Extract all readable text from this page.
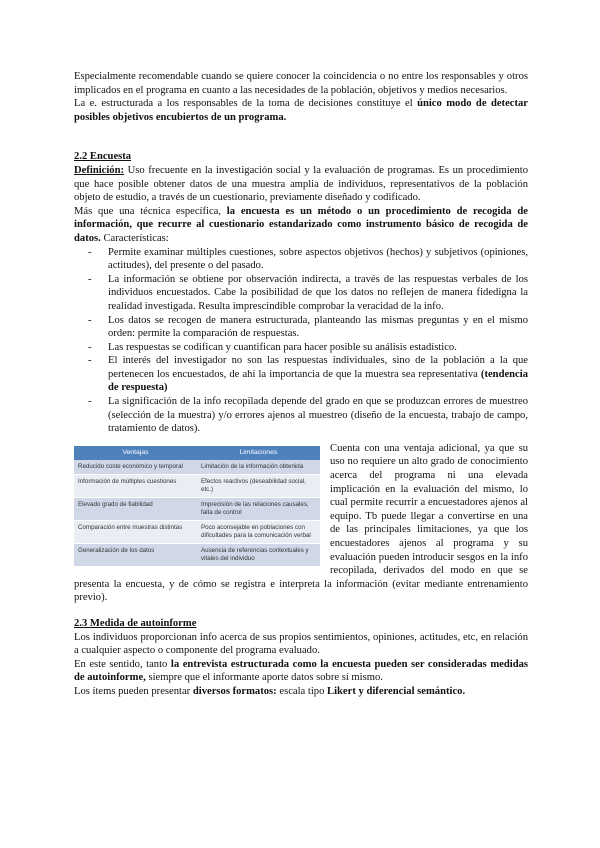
Especialmente recomendable cuando se quiere conocer la coincidencia o no entre los responsables y otros implicados en el programa en cuanto a las necesidades de la población, objetivos y medios necesarios.

La e. estructurada a los responsables de la toma de decisiones constituye el único modo de detectar posibles objetivos encubiertos de un programa.

2.2 Encuesta

Definición: Uso frecuente en la investigación social y la evaluación de programas. Es un procedimiento que hace posible obtener datos de una muestra amplia de individuos, representativos de la población objeto de estudio, a través de un cuestionario, previamente diseñado y codificado.

Más que una técnica específica, la encuesta es un método o un procedimiento de recogida de información, que recurre al cuestionario estandarizado como instrumento básico de recogida de datos. Características:

- Permite examinar múltiples cuestiones, sobre aspectos objetivos (hechos) y subjetivos (opiniones, actitudes), del presente o del pasado.
- La información se obtiene por observación indirecta, a través de las respuestas verbales de los individuos encuestados. Cabe la posibilidad de que los datos no reflejen de manera fidedigna la realidad investigada. Resulta imprescindible comprobar la veracidad de la info.
- Los datos se recogen de manera estructurada, planteando las mismas preguntas y en el mismo orden: permite la comparación de respuestas.
- Las respuestas se codifican y cuantifican para hacer posible su análisis estadístico.
- El interés del investigador no son las respuestas individuales, sino de la población a la que pertenecen los encuestados, de ahí la importancia de que la muestra sea representativa (tendencia de respuesta)
- La significación de la info recopilada depende del grado en que se produzcan errores de muestreo (selección de la muestra) y/o errores ajenos al muestreo (diseño de la encuesta, trabajo de campo, tratamiento de datos).

Ventajas	Limitaciones
Reducido coste económico y temporal	Limitación de la información obtenida
Información de múltiples cuestiones	Efectos reactivos (deseabilidad social, etc.)
Elevado grado de fiabilidad	Imprecisión de las relaciones causales, falta de control
Comparación entre muestras distintas	Poco aconsejable en poblaciones con dificultades para la comunicación verbal
Generalización de los datos	Ausencia de referencias contextuales y vitales del individuo

Cuenta con una ventaja adicional, ya que su uso no requiere un alto grado de conocimiento acerca del programa ni una elevada implicación en la evaluación del mismo, lo cual permite recurrir a encuestadores ajenos al equipo. Tb puede llegar a convertirse en una de las principales limitaciones, ya que los encuestadores ajenos al programa y su evaluación pueden introducir sesgos en la info recopilada, derivados del modo en que se presenta la encuesta, y de cómo se registra e interpreta la información (evitar mediante entrenamiento previo).

2.3 Medida de autoinforme

Los individuos proporcionan info acerca de sus propios sentimientos, opiniones, actitudes, etc, en relación a cualquier aspecto o componente del programa evaluado.

En este sentido, tanto la entrevista estructurada como la encuesta pueden ser consideradas medidas de autoinforme, siempre que el informante aporte datos sobre sí mismo.

Los ítems pueden presentar diversos formatos: escala tipo Likert y diferencial semántico.
